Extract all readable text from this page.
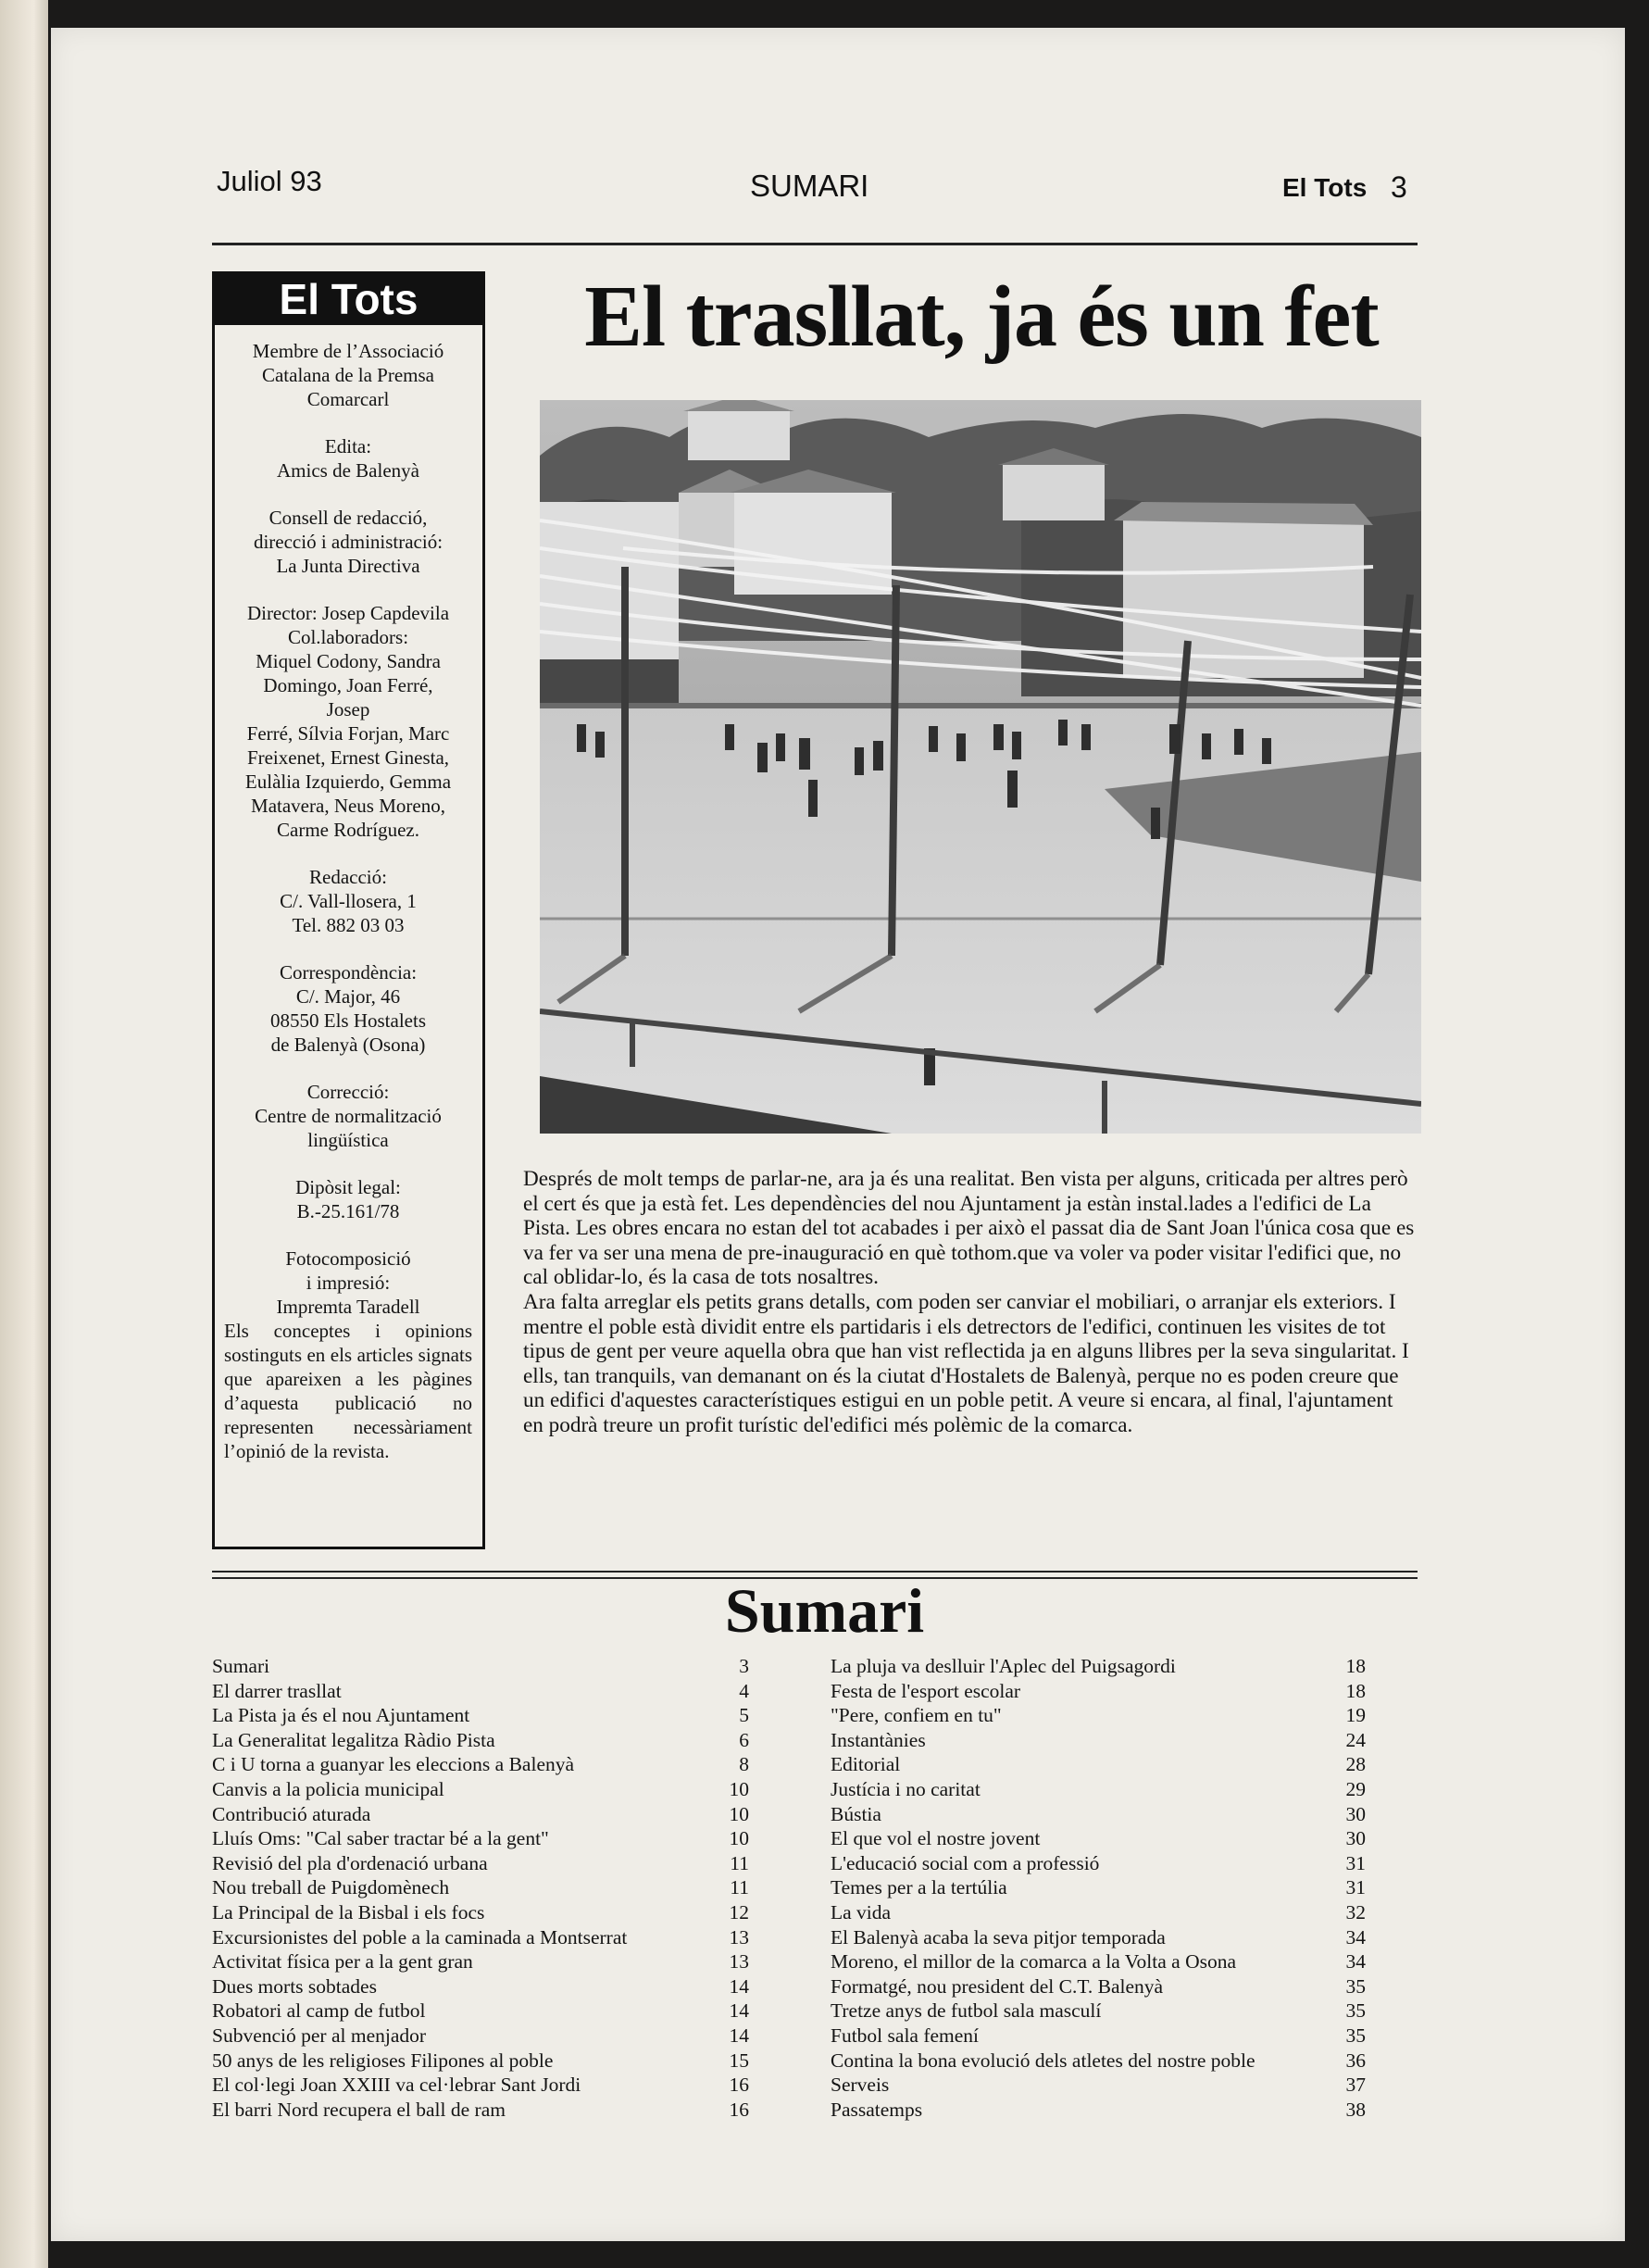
Juliol 93	SUMARI	El Tots 3
El Tots
Membre de l’Associació
Catalana de la Premsa
Comarcarl
Edita:
Amics de Balenyà
Consell de redacció,
direcció i administració:
La Junta Directiva
Director: Josep Capdevila
Col.laboradors:
Miquel Codony, Sandra
Domingo, Joan Ferré,
Josep
Ferré, Sílvia Forjan, Marc
Freixenet, Ernest Ginesta,
Eulàlia Izquierdo, Gemma
Matavera, Neus Moreno,
Carme Rodríguez.
Redacció:
C/. Vall-llosera, 1
Tel. 882 03 03
Correspondència:
C/. Major, 46
08550 Els Hostalets
de Balenyà (Osona)
Correcció:
Centre de normalització
lingüística
Dipòsit legal:
B.-25.161/78
Fotocomposició
i impresió:
Impremta Taradell
Els conceptes i opinions sostinguts en els articles signats que apareixen a les pàgines d’aquesta publicació no representen necessàriament l’opinió de la revista.
El trasllat, ja és un fet

Després de molt temps de parlar-ne, ara ja és una realitat. Ben vista per alguns, criticada per altres però el cert és que ja està fet. Les dependències del nou Ajuntament ja estàn instal.lades a l'edifici de La Pista. Les obres encara no estan del tot acabades i per això el passat dia de Sant Joan l'única cosa que es va fer va ser una mena de pre-inauguració en què tothom.que va voler va poder visitar l'edifici que, no cal oblidar-lo, és la casa de tots nosaltres.

Ara falta arreglar els petits grans detalls, com poden ser canviar el mobiliari, o arranjar els exteriors. I mentre el poble està dividit entre els partidaris i els detrectors de l'edifici, continuen les visites de tot tipus de gent per veure aquella obra que han vist reflectida ja en alguns llibres per la seva singularitat. I ells, tan tranquils, van demanant on és la ciutat d'Hostalets de Balenyà, perque no es poden creure que un edifici d'aquestes característiques estigui en un poble petit. A veure si encara, al final, l'ajuntament en podrà treure un profit turístic del'edifici més polèmic de la comarca.

Sumari
Sumari	3
El darrer trasllat	4
La Pista ja és el nou Ajuntament	5
La Generalitat legalitza Ràdio Pista	6
C i U torna a guanyar les eleccions a Balenyà	8
Canvis a la policia municipal	10
Contribució aturada	10
Lluís Oms: "Cal saber tractar bé a la gent"	10
Revisió del pla d'ordenació urbana	11
Nou treball de Puigdomènech	11
La Principal de la Bisbal i els focs	12
Excursionistes del poble a la caminada a Montserrat	13
Activitat física per a la gent gran	13
Dues morts sobtades	14
Robatori al camp de futbol	14
Subvenció per al menjador	14
50 anys de les religioses Filipones al poble	15
El col·legi Joan XXIII va cel·lebrar Sant Jordi	16
El barri Nord recupera el ball de ram	16
La pluja va deslluir l'Aplec del Puigsagordi	18
Festa de l'esport escolar	18
"Pere, confiem en tu"	19
Instantànies	24
Editorial	28
Justícia i no caritat	29
Bústia	30
El que vol el nostre jovent	30
L'educació social com a professió	31
Temes per a la tertúlia	31
La vida	32
El Balenyà acaba la seva pitjor temporada	34
Moreno, el millor de la comarca a la Volta a Osona	34
Formatgé, nou president del C.T. Balenyà	35
Tretze anys de futbol sala masculí	35
Futbol sala femení	35
Contina la bona evolució dels atletes del nostre poble	36
Serveis	37
Passatemps	38
